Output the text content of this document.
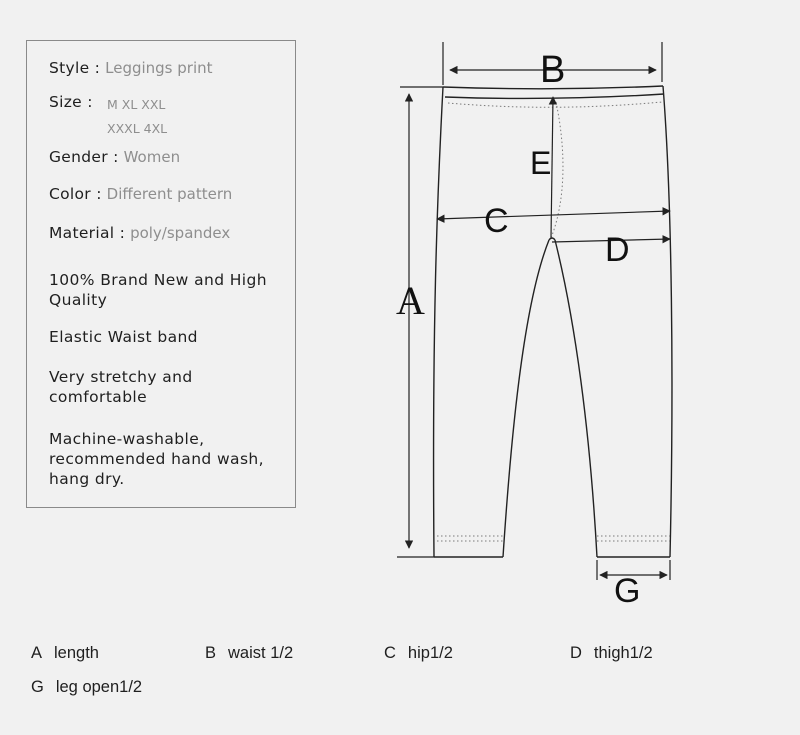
Style : Leggings print
Size : M XL XXL
XXXL 4XL
Gender : Women
Color : Different pattern
Material : poly/spandex
100% Brand New and High Quality
Elastic Waist band
Very stretchy and comfortable
Machine-washable, recommended hand wash, hang dry.
B
A
C
D
E
G
A length	B waist 1/2	C hip1/2	D thigh1/2
G leg open1/2
